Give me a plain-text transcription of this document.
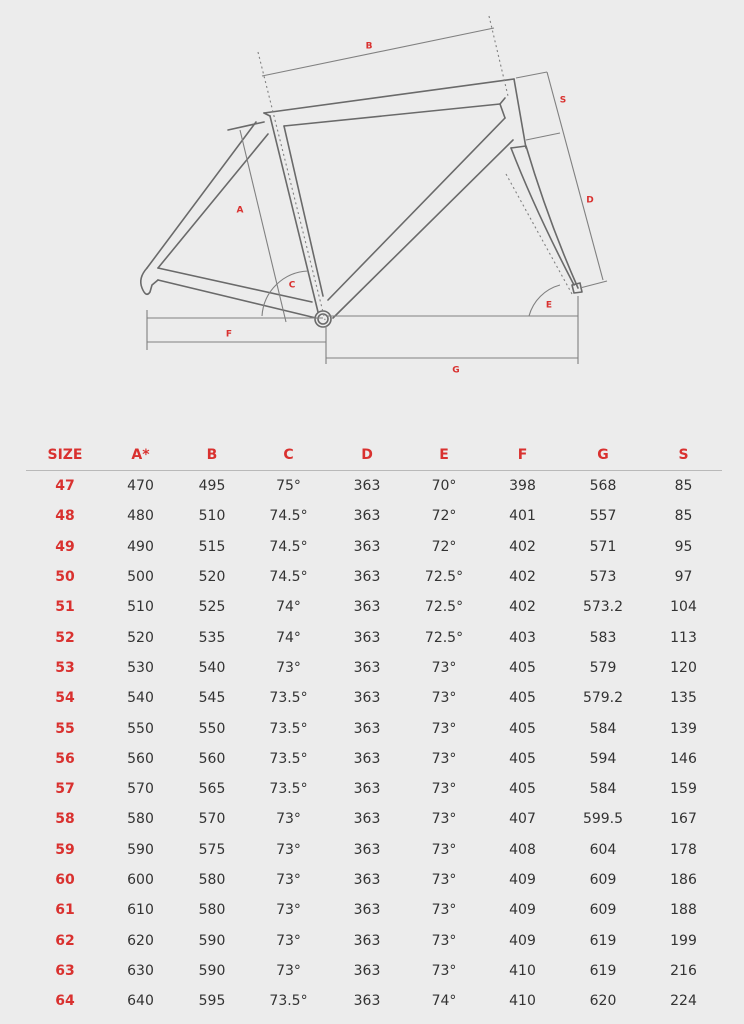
B
S
D
A
C
E
F
G
SIZE	A*	B	C	D	E	F	G	S
47	470	495	75°	363	70°	398	568	85
48	480	510	74.5°	363	72°	401	557	85
49	490	515	74.5°	363	72°	402	571	95
50	500	520	74.5°	363	72.5°	402	573	97
51	510	525	74°	363	72.5°	402	573.2	104
52	520	535	74°	363	72.5°	403	583	113
53	530	540	73°	363	73°	405	579	120
54	540	545	73.5°	363	73°	405	579.2	135
55	550	550	73.5°	363	73°	405	584	139
56	560	560	73.5°	363	73°	405	594	146
57	570	565	73.5°	363	73°	405	584	159
58	580	570	73°	363	73°	407	599.5	167
59	590	575	73°	363	73°	408	604	178
60	600	580	73°	363	73°	409	609	186
61	610	580	73°	363	73°	409	609	188
62	620	590	73°	363	73°	409	619	199
63	630	590	73°	363	73°	410	619	216
64	640	595	73.5°	363	74°	410	620	224
